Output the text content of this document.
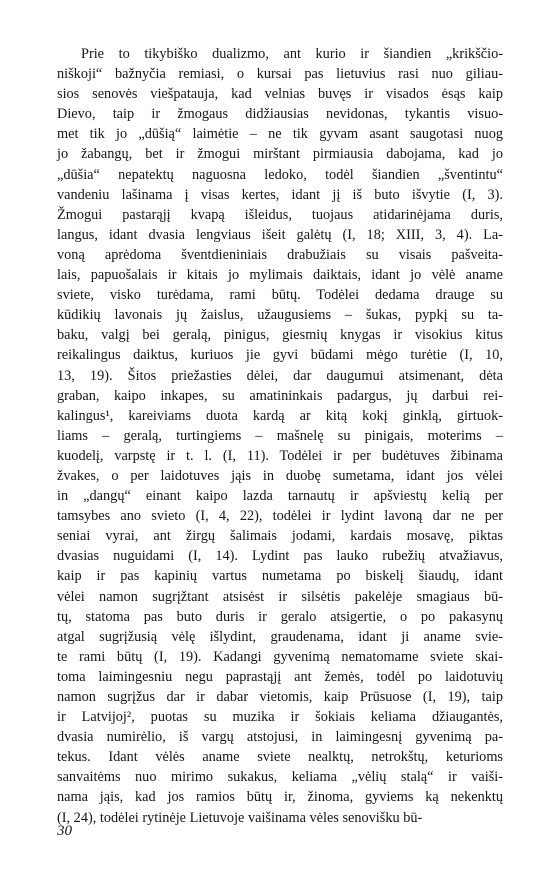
Prie to tikybiško dualizmo, ant kurio ir šiandien „krikščio-
niškoji“ bažnyčia remiasi, o kursai pas lietuvius rasi nuo giliau-
sios senovės viešpatauja, kad velnias buvęs ir visados ėsąs kaip
Dievo, taip ir žmogaus didžiausias nevidonas, tykantis visuo-
met tik jo „dūšią“ laimėtie – ne tik gyvam asant saugotasi nuog
jo žabangų, bet ir žmogui mirštant pirmiausia dabojama, kad jo
„dūšia“ nepatektų naguosna ledoko, todėl šiandien „šventintu“
vandeniu lašinama į visas kertes, idant jį iš buto išvytie (I, 3).
Žmogui pastarąjį kvapą išleidus, tuojaus atidarinėjama duris,
langus, idant dvasia lengviaus išeit galėtų (I, 18; XIII, 3, 4). La-
voną aprėdoma šventdieniniais drabužiais su visais pašveita-
lais, papuošalais ir kitais jo mylimais daiktais, idant jo vėlė aname
sviete, visko turėdama, rami būtų. Todėlei dedama drauge su
kūdikių lavonais jų žaislus, užaugusiems – šukas, pypkį su ta-
baku, valgį bei geralą, pinigus, giesmių knygas ir visokius kitus
reikalingus daiktus, kuriuos jie gyvi būdami mėgo turėtie (I, 10,
13, 19). Šitos priežasties dėlei, dar daugumui atsimenant, dėta
graban, kaipo inkapes, su amatininkais padargus, jų darbui rei-
kalingus¹, kareiviams duota kardą ar kitą kokį ginklą, girtuok-
liams – geralą, turtingiems – mašnelę su pinigais, moterims –
kuodelį, varpstę ir t. l. (I, 11). Todėlei ir per budėtuves žibinama
žvakes, o per laidotuves jąis in duobę sumetama, idant jos vėlei
in „dangų“ einant kaipo lazda tarnautų ir apšviestų kelią per
tamsybes ano svieto (I, 4, 22), todėlei ir lydint lavoną dar ne per
seniai vyrai, ant žirgų šalimais jodami, kardais mosavę, piktas
dvasias nuguidami (I, 14). Lydint pas lauko rubežių atvažiavus,
kaip ir pas kapinių vartus numetama po biskelį šiaudų, idant
vėlei namon sugrįžtant atsisėst ir silsėtis pakelėje smagiaus bū-
tų, statoma pas buto duris ir geralo atsigertie, o po pakasynų
atgal sugrįžusią vėlę išlydint, graudenama, idant ji aname svie-
te rami būtų (I, 19). Kadangi gyvenimą nematomame sviete skai-
toma laimingesniu negu paprastąjį ant žemės, todėl po laidotuvių
namon sugrįžus dar ir dabar vietomis, kaip Prūsuose (I, 19), taip
ir Latvijoj², puotas su muzika ir šokiais keliama džiaugantės,
dvasia numirėlio, iš vargų atstojusi, in laimingesnį gyvenimą pa-
tekus. Idant vėlės aname sviete nealktų, netrokštų, keturioms
sanvaitėms nuo mirimo sukakus, keliama „vėlių stalą“ ir vaiši-
nama jąis, kad jos ramios būtų ir, žinoma, gyviems ką nekenktų
(I, 24), todėlei rytinėje Lietuvoje vaišinama vėles senovišku bū-
30
